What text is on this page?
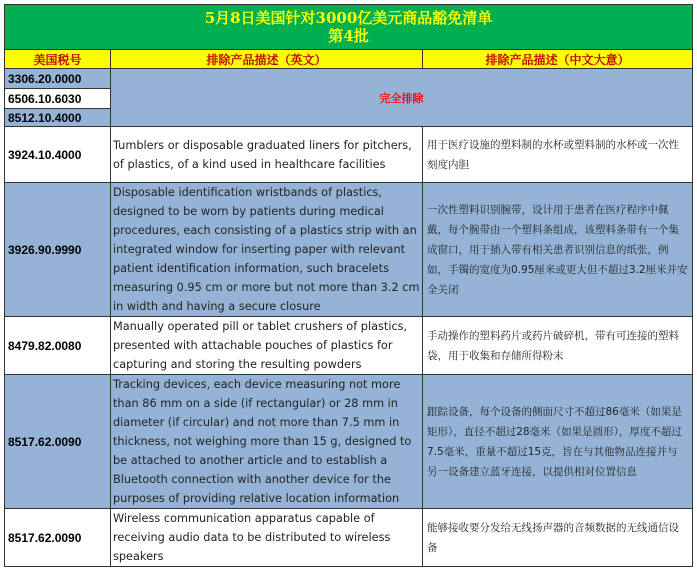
5月8日美国针对3000亿美元商品豁免清单
第4批		

美国税号	排除产品描述（英文）	排除产品描述（中文大意）
3306.20.0000	完全排除	
6506.10.6030		
8512.10.4000		
3924.10.4000	Tumblers or disposable graduated liners for pitchers, of plastics, of a kind used in healthcare facilities	用于医疗设施的塑料制的水杯或塑料制的水杯或一次性刻度内胆
3926.90.9990	Disposable identification wristbands of plastics, designed to be worn by patients during medical procedures, each consisting of a plastics strip with an integrated window for inserting paper with relevant patient identification information, such bracelets measuring 0.95 cm or more but not more than 3.2 cm in width and having a secure closure	一次性塑料识别腕带，设计用于患者在医疗程序中佩戴，每个腕带由一个塑料条组成，该塑料条带有一个集成窗口，用于插入带有相关患者识别信息的纸张，例如，手镯的宽度为0.95厘米或更大但不超过3.2厘米并安全关闭
8479.82.0080	Manually operated pill or tablet crushers of plastics, presented with attachable pouches of plastics for capturing and storing the resulting powders	手动操作的塑料药片或药片破碎机，带有可连接的塑料袋，用于收集和存储所得粉末
8517.62.0090	Tracking devices, each device measuring not more than 86 mm on a side (if rectangular) or 28 mm in diameter (if circular) and not more than 7.5 mm in thickness, not weighing more than 15 g, designed to be attached to another article and to establish a Bluetooth connection with another device for the purposes of providing relative location information	跟踪设备，每个设备的侧面尺寸不超过86毫米（如果是矩形），直径不超过28毫米（如果是圆形），厚度不超过7.5毫米，重量不超过15克，旨在与其他物品连接并与另一设备建立蓝牙连接，以提供相对位置信息
8517.62.0090	Wireless communication apparatus capable of receiving audio data to be distributed to wireless speakers	能够接收要分发给无线扬声器的音频数据的无线通信设备
